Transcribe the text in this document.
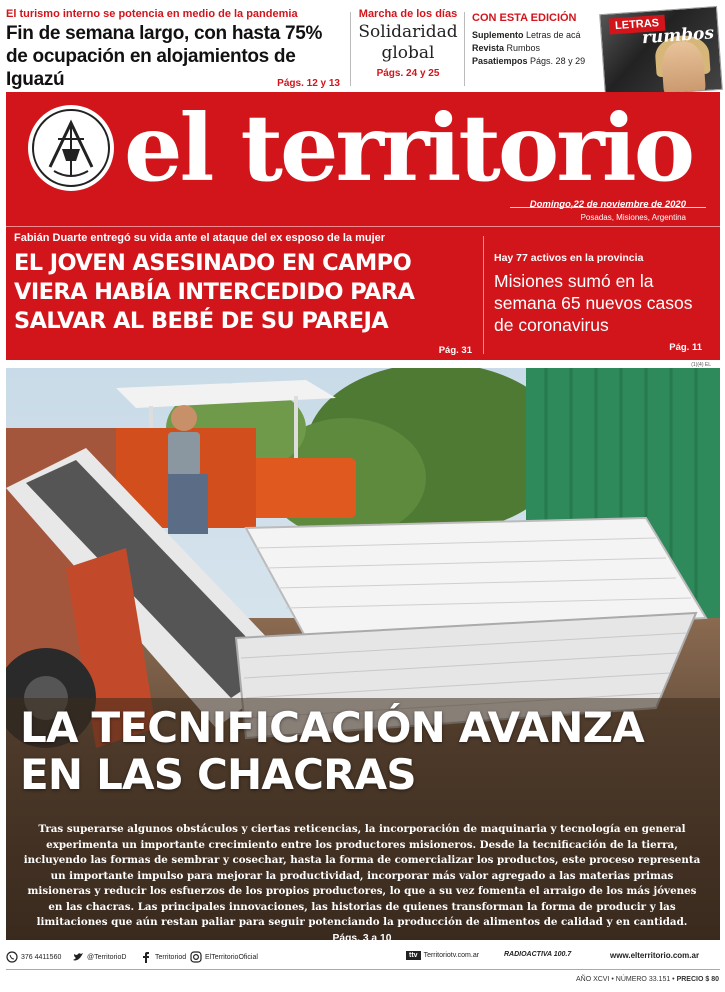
El turismo interno se potencia en medio de la pandemia
Fin de semana largo, con hasta 75% de ocupación en alojamientos de Iguazú	Págs. 12 y 13
Marcha de los días
Solidaridad global
Págs. 24 y 25
CON ESTA EDICIÓN
Suplemento Letras de acá
Revista Rumbos
Pasatiempos Págs. 28 y 29
LETRAS
rumbos
el territorio
Domingo,22 de noviembre de 2020
Posadas, Misiones, Argentina
Fabián Duarte entregó su vida ante el ataque del ex esposo de la mujer
EL JOVEN ASESINADO EN CAMPO VIERA HABÍA INTERCEDIDO PARA SALVAR AL BEBÉ DE SU PAREJA
Pág. 31
Hay 77 activos en la provincia
Misiones sumó en la semana 65 nuevos casos de coronavirus
Pág. 11
(1)(4) EL
LA TECNIFICACIÓN AVANZA EN LAS CHACRAS
Tras superarse algunos obstáculos y ciertas reticencias, la incorporación de maquinaria y tecnología en general experimenta un importante crecimiento entre los productores misioneros. Desde la tecnificación de la tierra, incluyendo las formas de sembrar y cosechar, hasta la forma de comercializar los productos, este proceso representa un importante impulso para mejorar la productividad, incorporar más valor agregado a las materias primas misioneras y reducir los esfuerzos de los propios productores, lo que a su vez fomenta el arraigo de los más jóvenes en las chacras. Las principales innovaciones, las historias de quienes transforman la forma de producir y las limitaciones que aún restan paliar para seguir potenciando la producción de alimentos de calidad y en cantidad. Págs. 3 a 10
376 4411560	@TerritorioD	Territoriod	ElTerritorioOficial	ttv Territoriotv.com.ar	RADIOACTIVA 100.7	www.elterritorio.com.ar
AÑO XCVI • NÚMERO 33.151 • PRECIO $ 80
